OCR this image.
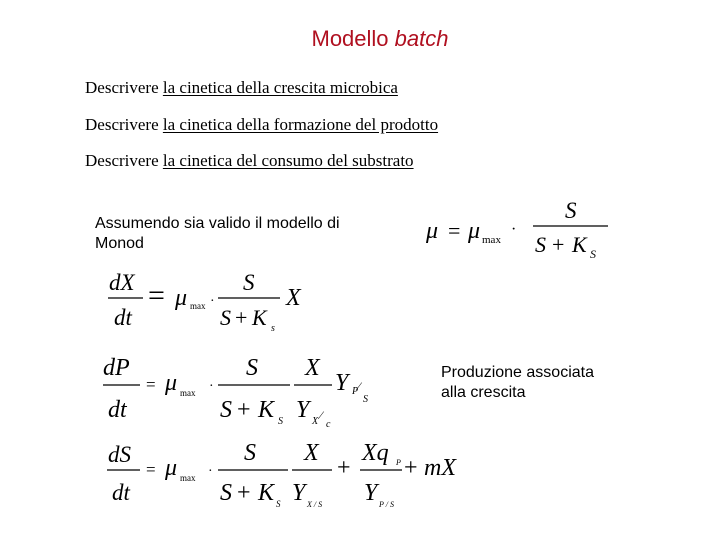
Modello batch
Descrivere la cinetica della crescita microbica
Descrivere la cinetica della formazione del prodotto
Descrivere la cinetica del consumo del substrato
Assumendo sia valido il modello di
Monod
Produzione associata
alla crescita
μ = μ max
·
S
S + K S
dX
dt
= μ max ·
S
S + K s
X
dP
dt
= μ max ·
S
S + K S
X
Y X ⁄
c
Y P ⁄
S
dS
dt
= μ max ·
S
S + K S
X
Y X / S
+
Xq P
Y P / S
+ mX
